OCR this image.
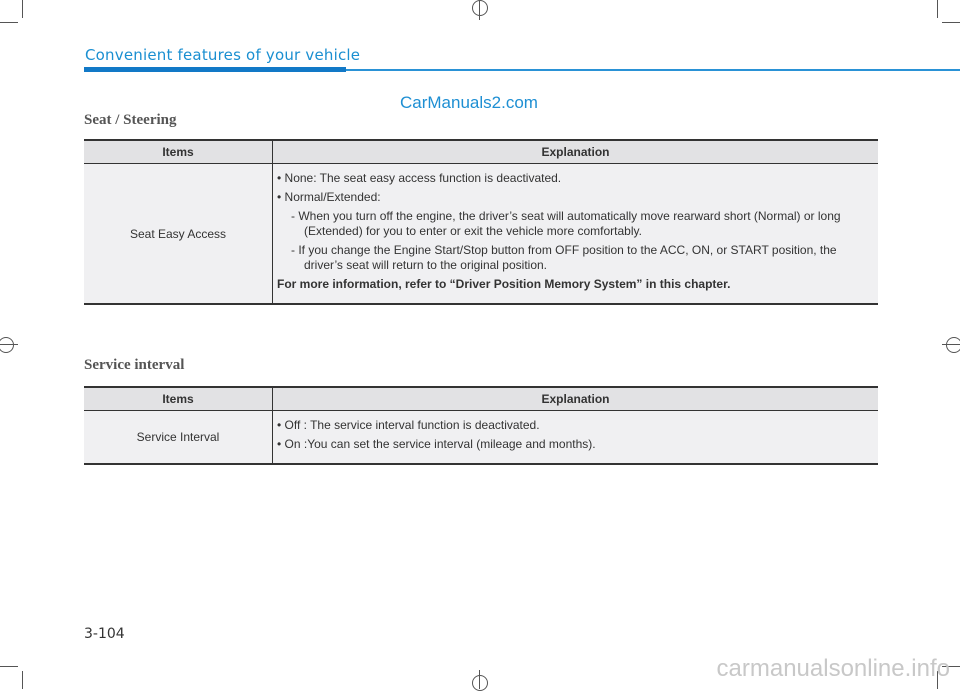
Convenient features of your vehicle
CarManuals2.com
Seat / Steering
Items	Explanation
Seat Easy Access	• None: The seat easy access function is deactivated.

• Normal/Extended:

- When you turn off the engine, the driver’s seat will automatically move rearward short (Normal) or long (Extended) for you to enter or exit the vehicle more comfortably.

- If you change the Engine Start/Stop button from OFF position to the ACC, ON, or START position, the driver’s seat will return to the original position.

For more information, refer to “Driver Position Memory System” in this chapter.

Service interval
Items	Explanation
Service Interval	• Off : The service interval function is deactivated.

• On :You can set the service interval (mileage and months).

3-104
carmanualsonline.info
